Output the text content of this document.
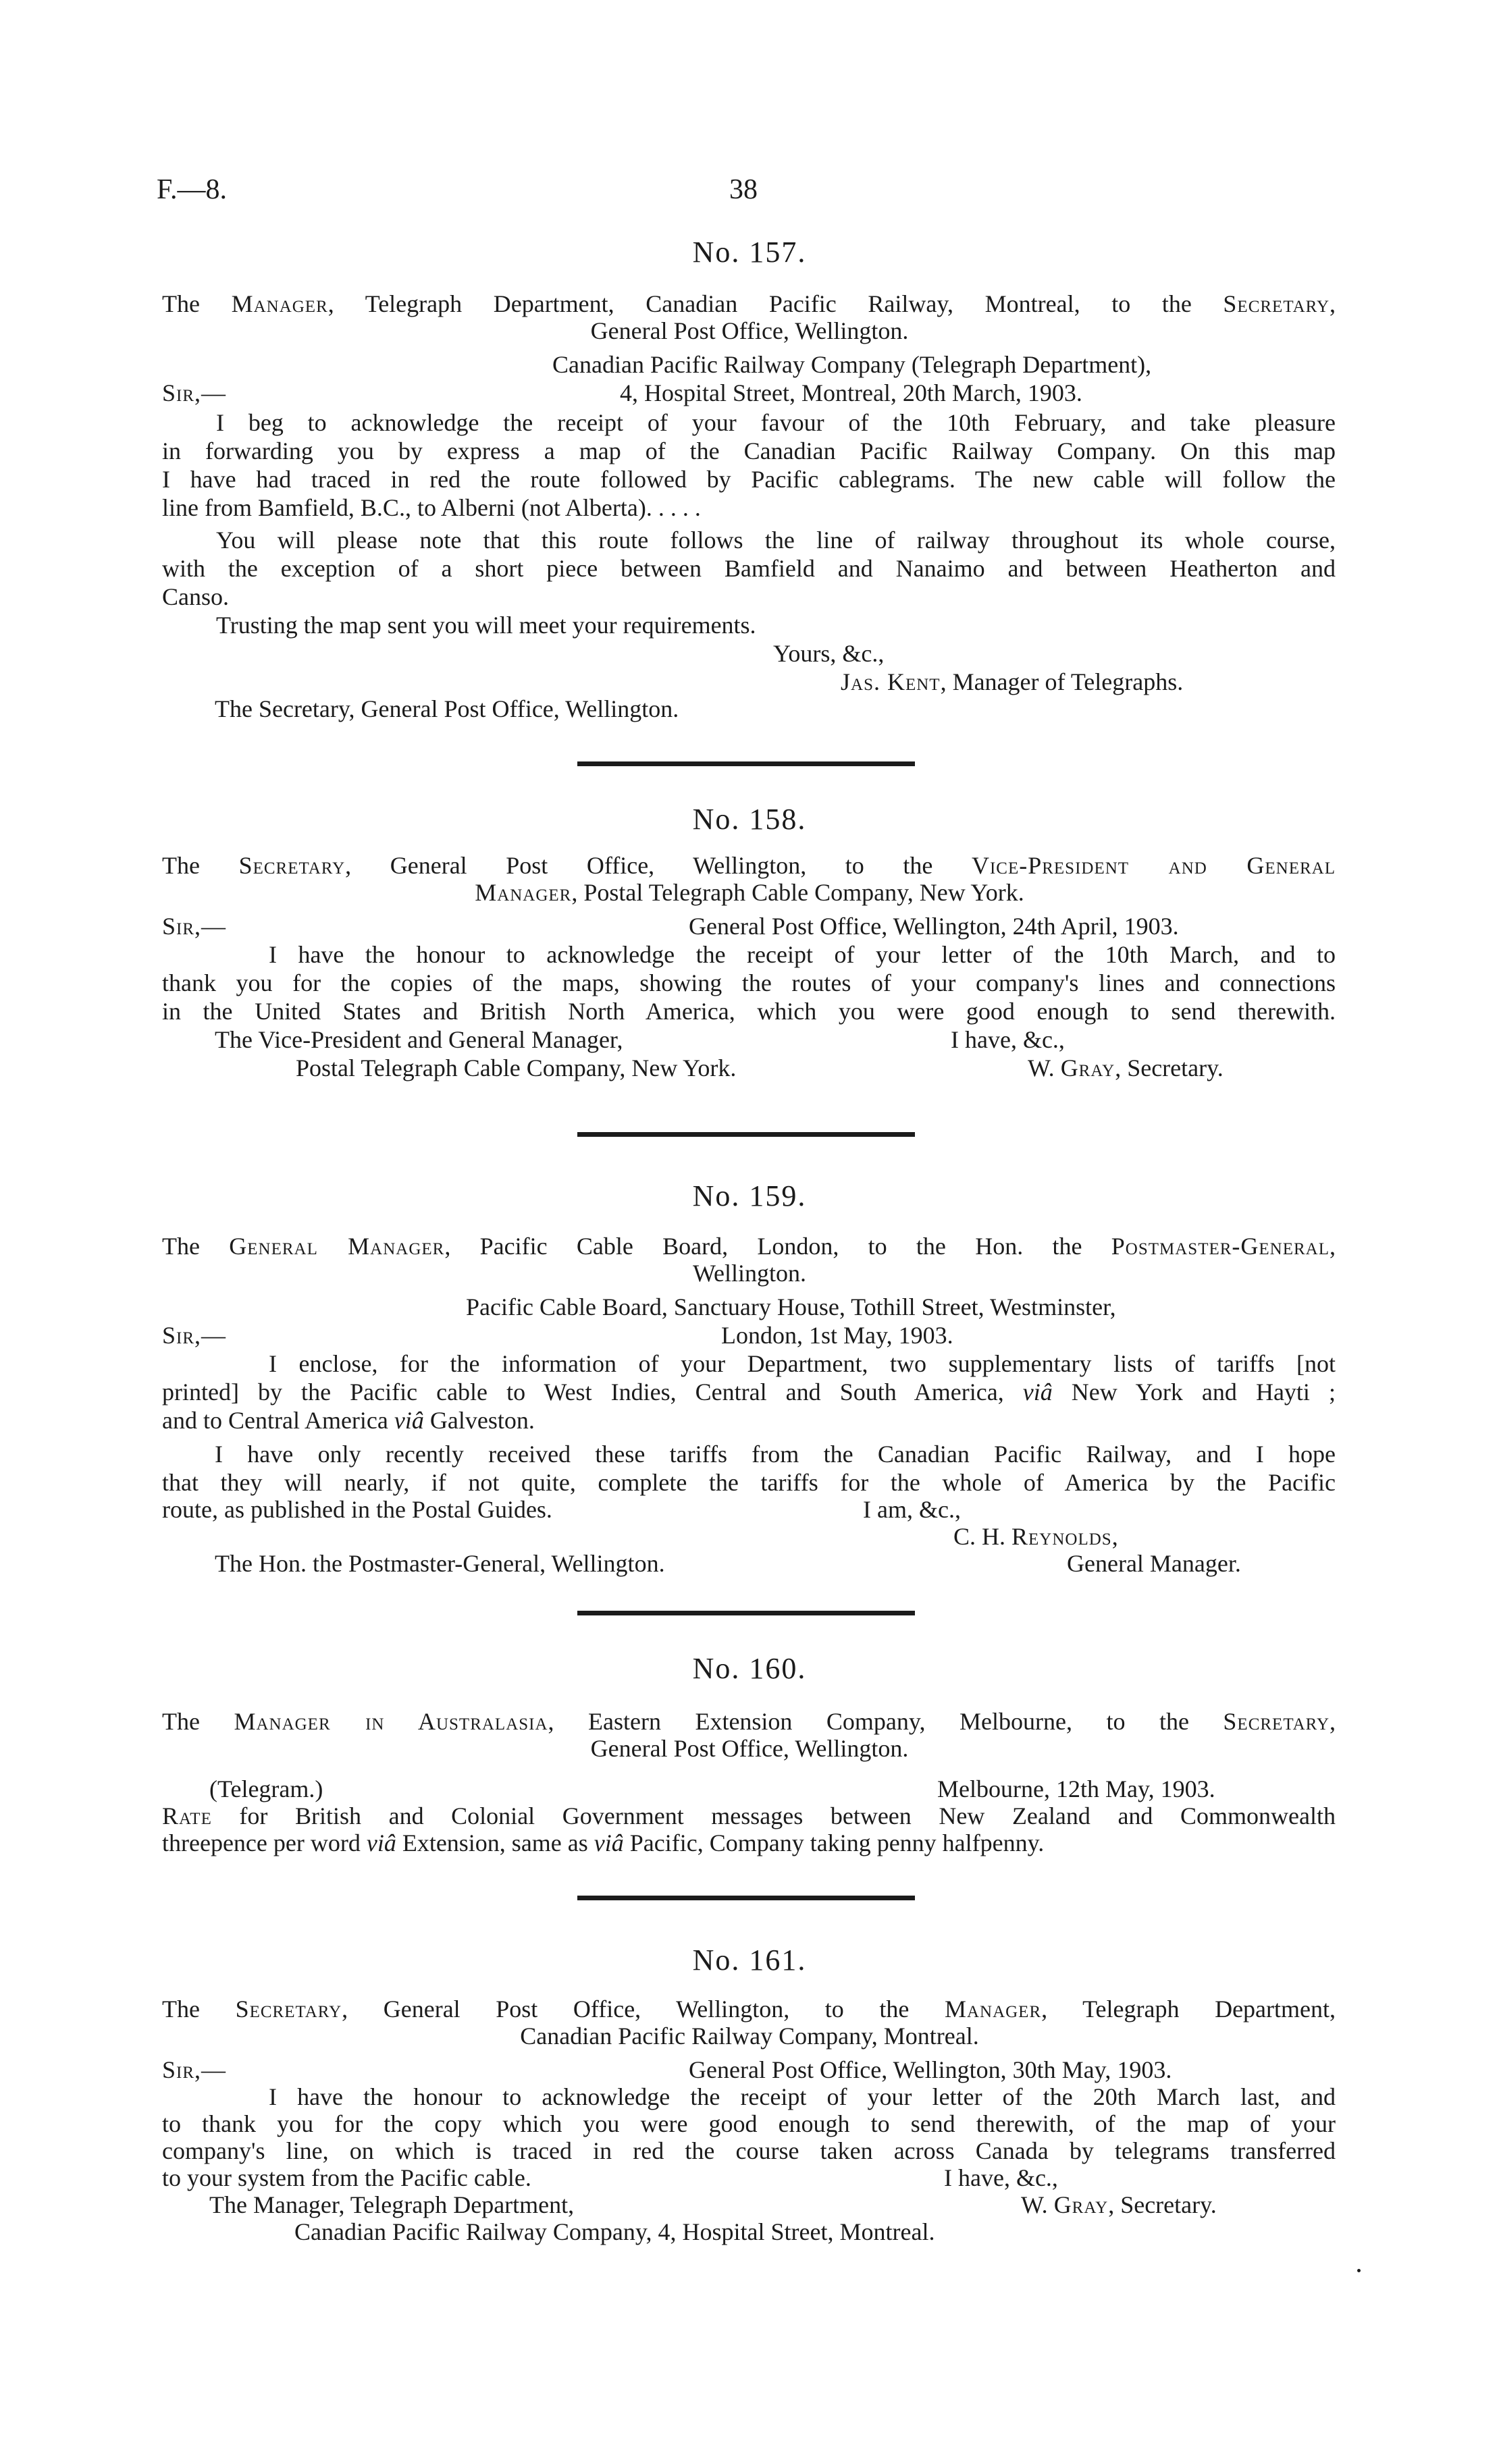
F.—8.	38
No. 157.
The Manager, Telegraph Department, Canadian Pacific Railway, Montreal, to the Secretary,
General Post Office, Wellington.
Canadian Pacific Railway Company (Telegraph Department),
Sir,—	4, Hospital Street, Montreal, 20th March, 1903.
I beg to acknowledge the receipt of your favour of the 10th February, and take pleasure
in forwarding you by express a map of the Canadian Pacific Railway Company. On this map
I have had traced in red the route followed by Pacific cablegrams. The new cable will follow the
line from Bamfield, B.C., to Alberni (not Alberta). . . . .
You will please note that this route follows the line of railway throughout its whole course,
with the exception of a short piece between Bamfield and Nanaimo and between Heatherton and
Canso.
Trusting the map sent you will meet your requirements.
Yours, &c.,
Jas. Kent, Manager of Telegraphs.
The Secretary, General Post Office, Wellington.
No. 158.
The Secretary, General Post Office, Wellington, to the Vice-President and General
Manager, Postal Telegraph Cable Company, New York.
Sir,—	General Post Office, Wellington, 24th April, 1903.
I have the honour to acknowledge the receipt of your letter of the 10th March, and to
thank you for the copies of the maps, showing the routes of your company's lines and connections
in the United States and British North America, which you were good enough to send therewith.
The Vice-President and General Manager,	I have, &c.,
Postal Telegraph Cable Company, New York.	W. Gray, Secretary.
No. 159.
The General Manager, Pacific Cable Board, London, to the Hon. the Postmaster-General,
Wellington.
Pacific Cable Board, Sanctuary House, Tothill Street, Westminster,
Sir,—	London, 1st May, 1903.
I enclose, for the information of your Department, two supplementary lists of tariffs [not
printed] by the Pacific cable to West Indies, Central and South America, viâ New York and Hayti ;
and to Central America viâ Galveston.
I have only recently received these tariffs from the Canadian Pacific Railway, and I hope
that they will nearly, if not quite, complete the tariffs for the whole of America by the Pacific
route, as published in the Postal Guides.	I am, &c.,
C. H. Reynolds,
The Hon. the Postmaster-General, Wellington.	General Manager.
No. 160.
The Manager in Australasia, Eastern Extension Company, Melbourne, to the Secretary,
General Post Office, Wellington.
(Telegram.)	Melbourne, 12th May, 1903.
Rate for British and Colonial Government messages between New Zealand and Commonwealth
threepence per word viâ Extension, same as viâ Pacific, Company taking penny halfpenny.
No. 161.
The Secretary, General Post Office, Wellington, to the Manager, Telegraph Department,
Canadian Pacific Railway Company, Montreal.
Sir,—	General Post Office, Wellington, 30th May, 1903.
I have the honour to acknowledge the receipt of your letter of the 20th March last, and
to thank you for the copy which you were good enough to send therewith, of the map of your
company's line, on which is traced in red the course taken across Canada by telegrams transferred
to your system from the Pacific cable.	I have, &c.,
The Manager, Telegraph Department,	W. Gray, Secretary.
Canadian Pacific Railway Company, 4, Hospital Street, Montreal.
